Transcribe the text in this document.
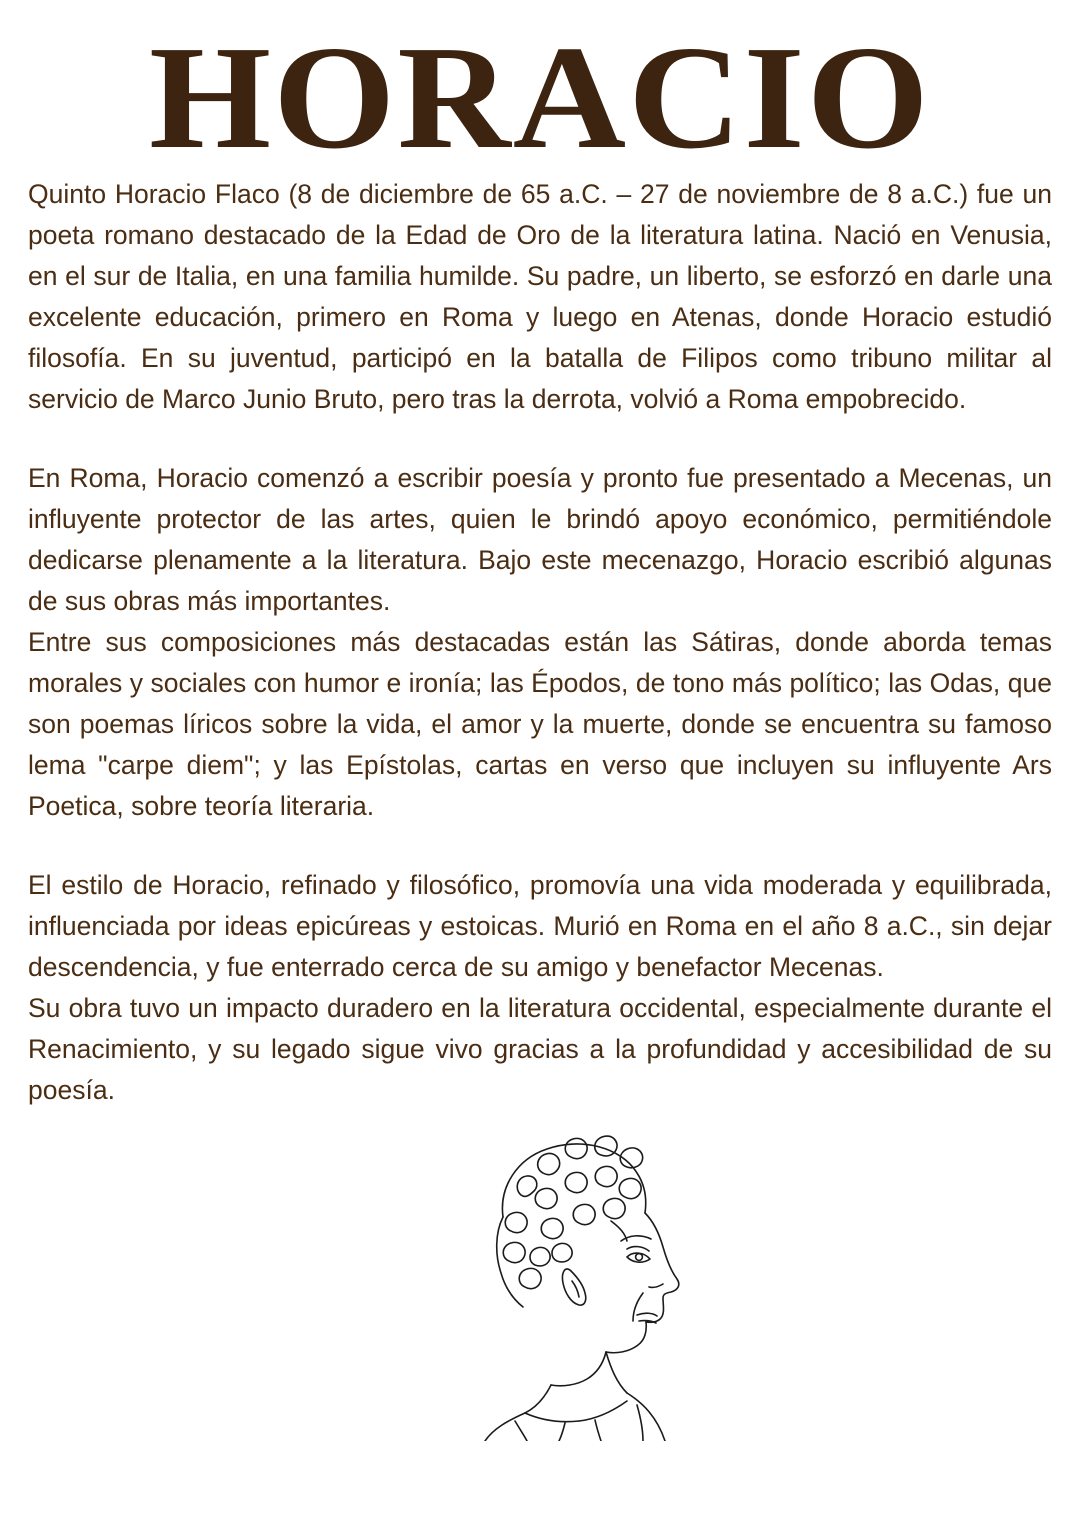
HORACIO

Quinto Horacio Flaco (8 de diciembre de 65 a.C. – 27 de noviembre de 8 a.C.) fue un poeta romano destacado de la Edad de Oro de la literatura latina. Nació en Venusia, en el sur de Italia, en una familia humilde. Su padre, un liberto, se esforzó en darle una excelente educación, primero en Roma y luego en Atenas, donde Horacio estudió filosofía. En su juventud, participó en la batalla de Filipos como tribuno militar al servicio de Marco Junio Bruto, pero tras la derrota, volvió a Roma empobrecido.

En Roma, Horacio comenzó a escribir poesía y pronto fue presentado a Mecenas, un influyente protector de las artes, quien le brindó apoyo económico, permitiéndole dedicarse plenamente a la literatura. Bajo este mecenazgo, Horacio escribió algunas de sus obras más importantes.

Entre sus composiciones más destacadas están las Sátiras, donde aborda temas morales y sociales con humor e ironía; las Épodos, de tono más político; las Odas, que son poemas líricos sobre la vida, el amor y la muerte, donde se encuentra su famoso lema "carpe diem"; y las Epístolas, cartas en verso que incluyen su influyente Ars Poetica, sobre teoría literaria.

El estilo de Horacio, refinado y filosófico, promovía una vida moderada y equilibrada, influenciada por ideas epicúreas y estoicas. Murió en Roma en el año 8 a.C., sin dejar descendencia, y fue enterrado cerca de su amigo y benefactor Mecenas.

Su obra tuvo un impacto duradero en la literatura occidental, especialmente durante el Renacimiento, y su legado sigue vivo gracias a la profundidad y accesibilidad de su poesía.
